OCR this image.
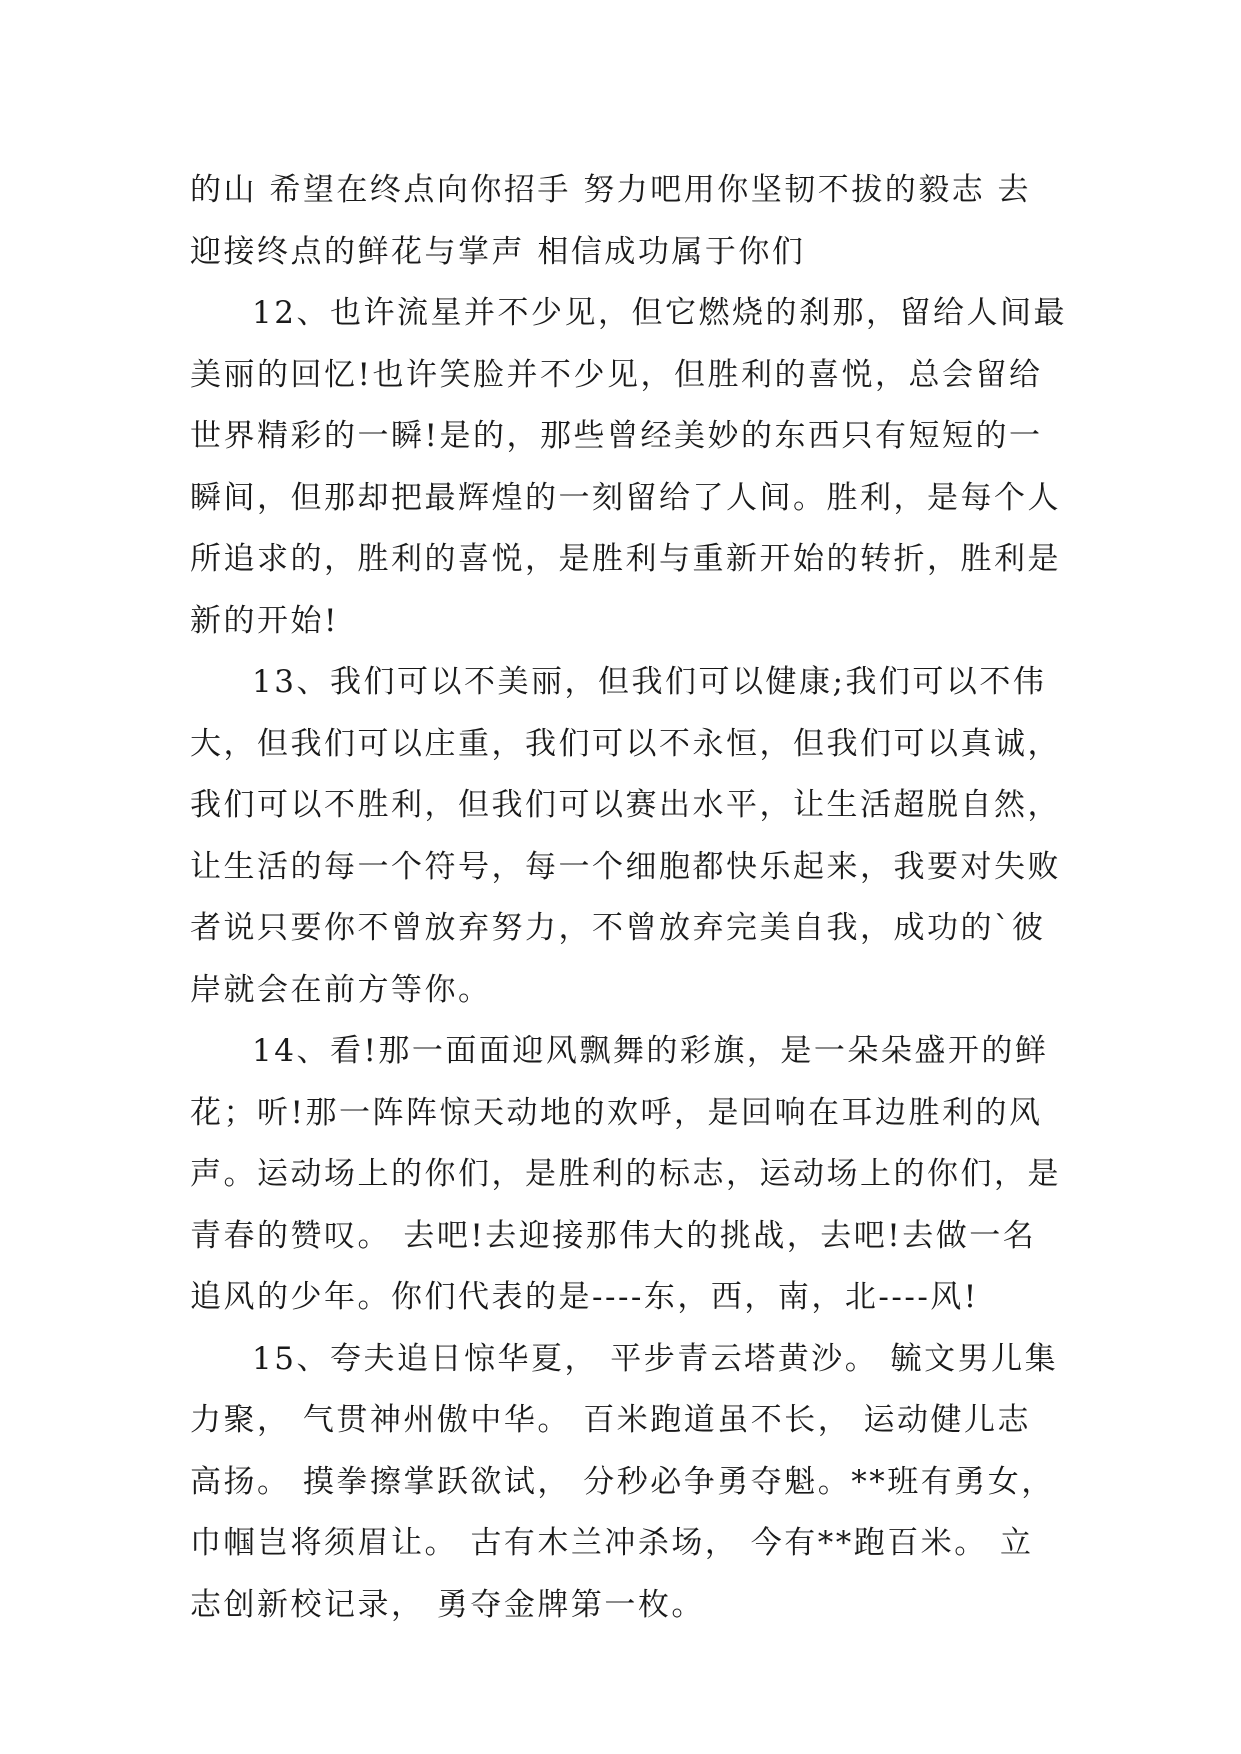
的山 希望在终点向你招手 努力吧用你坚韧不拔的毅志 去
迎接终点的鲜花与掌声 相信成功属于你们

12、也许流星并不少见，但它燃烧的刹那，留给人间最
美丽的回忆!也许笑脸并不少见，但胜利的喜悦，总会留给
世界精彩的一瞬!是的，那些曾经美妙的东西只有短短的一
瞬间，但那却把最辉煌的一刻留给了人间。胜利，是每个人
所追求的，胜利的喜悦，是胜利与重新开始的转折，胜利是
新的开始!

13、我们可以不美丽，但我们可以健康;我们可以不伟
大，但我们可以庄重，我们可以不永恒，但我们可以真诚，
我们可以不胜利，但我们可以赛出水平，让生活超脱自然，
让生活的每一个符号，每一个细胞都快乐起来，我要对失败
者说只要你不曾放弃努力，不曾放弃完美自我，成功的`彼
岸就会在前方等你。

14、看!那一面面迎风飘舞的彩旗，是一朵朵盛开的鲜
花；听!那一阵阵惊天动地的欢呼，是回响在耳边胜利的风
声。运动场上的你们，是胜利的标志，运动场上的你们，是
青春的赞叹。 去吧!去迎接那伟大的挑战，去吧!去做一名
追风的少年。你们代表的是----东，西，南，北----风!

15、夸夫追日惊华夏， 平步青云塔黄沙。 毓文男儿集
力聚， 气贯神州傲中华。 百米跑道虽不长， 运动健儿志
高扬。 摸拳擦掌跃欲试， 分秒必争勇夺魁。**班有勇女，
巾帼岂将须眉让。 古有木兰冲杀场， 今有**跑百米。 立
志创新校记录， 勇夺金牌第一枚。
